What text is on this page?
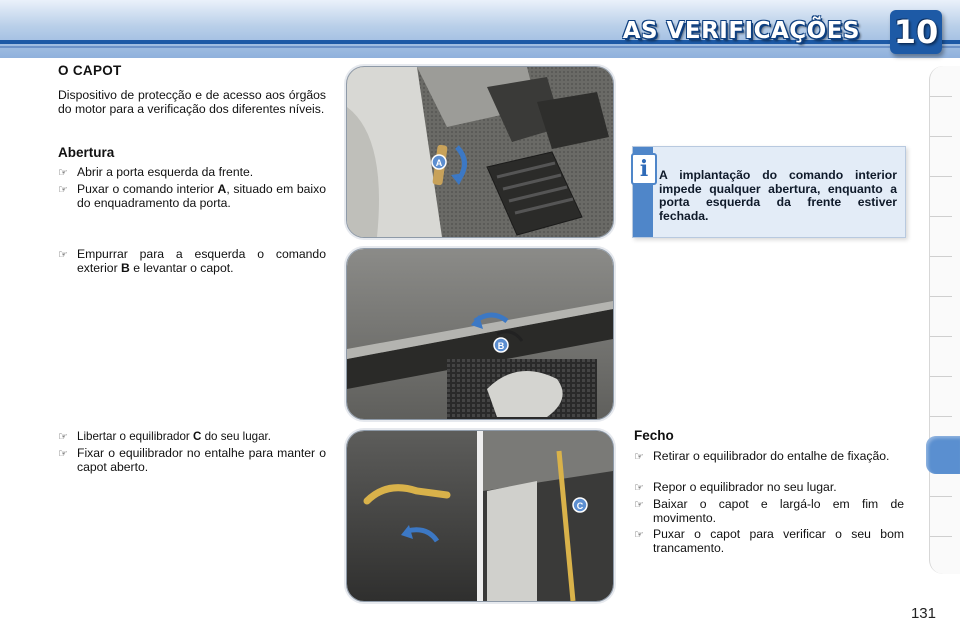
AS VERIFICAÇÕES 10
O CAPOT
Dispositivo de protecção e de acesso aos órgãos do motor para a verificação dos diferentes níveis.
Abertura
☞ Abrir a porta esquerda da frente.
☞ Puxar o comando interior A, situado em baixo do enquadramento da porta.
☞ Empurrar para a esquerda o comando exterior B e levantar o capot.
☞ Libertar o equilibrador C do seu lugar.
☞ Fixar o equilibrador no entalhe para manter o capot aberto.
A
B
C
i A implantação do comando interior impede qualquer abertura, enquanto a porta esquerda da frente estiver fechada.
Fecho
☞ Retirar o equilibrador do entalhe de fixação.
☞ Repor o equilibrador no seu lugar.
☞ Baixar o capot e largá-lo em fim de movimento.
☞ Puxar o capot para verificar o seu bom trancamento.
131
